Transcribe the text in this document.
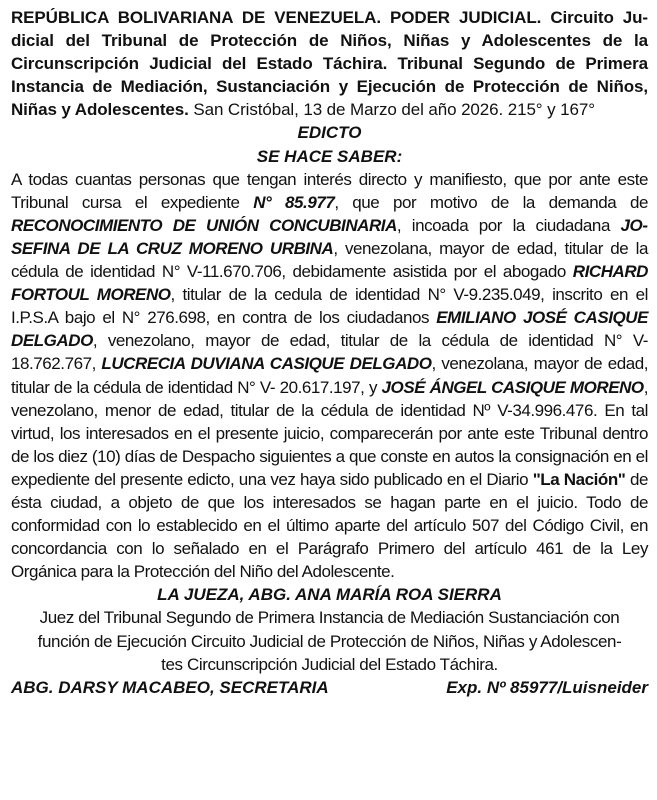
REPÚBLICA BOLIVARIANA DE VENEZUELA. PODER JUDICIAL. Circuito Ju- dicial del Tribunal de Protección de Niños, Niñas y Adolescentes de la Circunscripción Judicial del Estado Táchira. Tribunal Segundo de Primera Instancia de Mediación, Sustanciación y Ejecución de Protección de Niños, Niñas y Adolescentes. San Cristóbal, 13 de Marzo del año 2026. 215° y 167°

EDICTO

SE HACE SABER:

A todas cuantas personas que tengan interés directo y manifiesto, que por ante este Tribunal cursa el expediente N° 85.977, que por motivo de la demanda de RECONOCIMIENTO DE UNIÓN CONCUBINARIA, incoada por la ciudadana JOSEFINA DE LA CRUZ MORENO URBINA, venezolana, mayor de edad, titular de la cédula de identidad N° V-11.670.706, debidamente asistida por el abogado RICHARD FORTOUL MORENO, titular de la cedula de identidad N° V-9.235.049, inscrito en el I.P.S.A bajo el N° 276.698, en contra de los ciudadanos EMILIANO JOSÉ CASIQUE DELGADO, venezolano, mayor de edad, titular de la cédula de identidad N° V-18.762.767, LUCRECIA DUVIANA CASIQUE DELGADO, venezolana, mayor de edad, titular de la cédula de identidad N° V- 20.617.197, y JOSÉ ÁNGEL CASIQUE MORENO, venezolano, menor de edad, titular de la cédula de identidad Nº V-34.996.476. En tal virtud, los interesados en el presente juicio, comparecerán por ante este Tribunal dentro de los diez (10) días de Despacho siguientes a que conste en autos la consignación en el expediente del presente edicto, una vez haya sido publicado en el Diario "La Nación" de ésta ciudad, a objeto de que los interesados se hagan parte en el juicio. Todo de conformidad con lo establecido en el último aparte del artículo 507 del Código Civil, en concordancia con lo señalado en el Parágrafo Primero del artículo 461 de la Ley Orgánica para la Protección del Niño del Adolescente.

LA JUEZA, ABG. ANA MARÍA ROA SIERRA

Juez del Tribunal Segundo de Primera Instancia de Mediación Sustanciación con
función de Ejecución Circuito Judicial de Protección de Niños, Niñas y Adolescen-
tes Circunscripción Judicial del Estado Táchira.

ABG. DARSY MACABEO, SECRETARIA	Exp. Nº 85977/Luisneider
